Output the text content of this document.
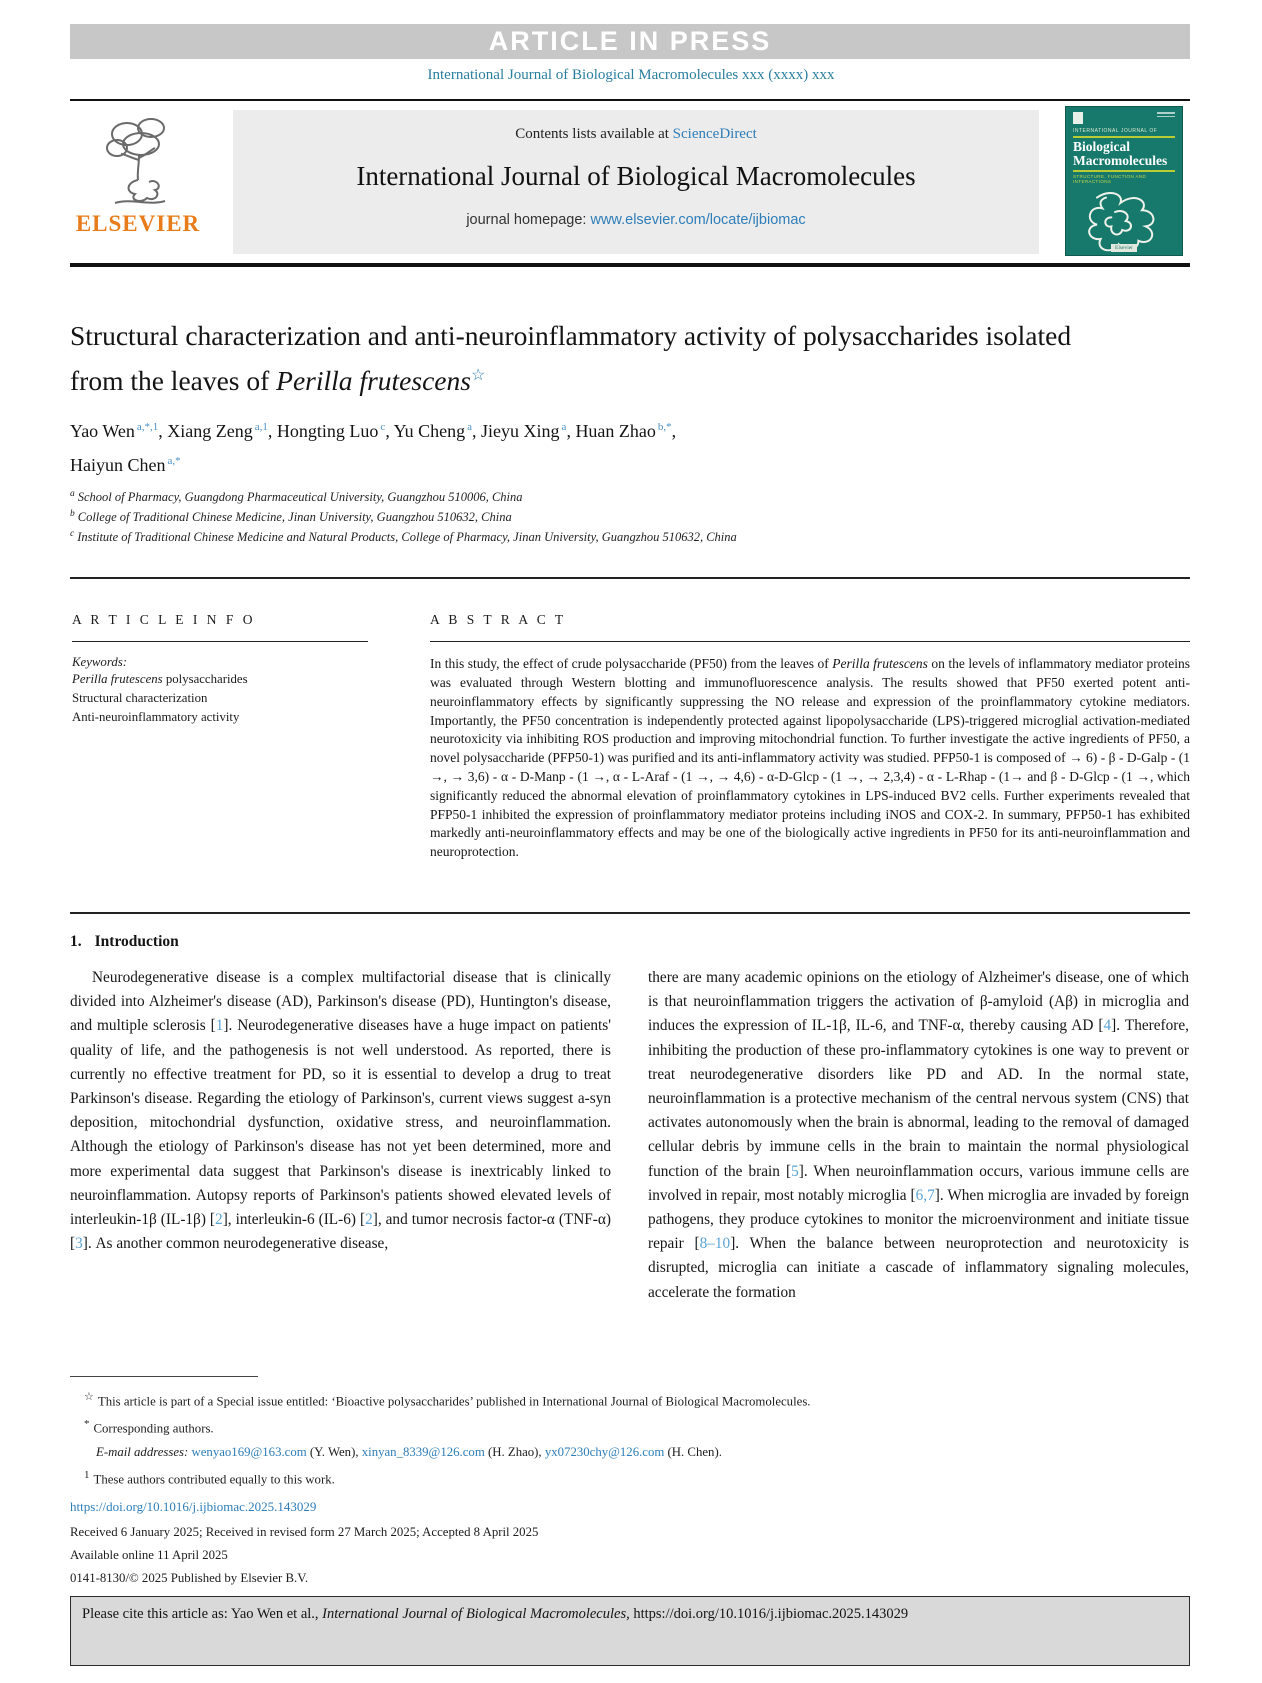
ARTICLE IN PRESS
International Journal of Biological Macromolecules xxx (xxxx) xxx
ELSEVIER
Contents lists available at ScienceDirect
International Journal of Biological Macromolecules
journal homepage: www.elsevier.com/locate/ijbiomac
INTERNATIONAL JOURNAL OF
Biological
Macromolecules
STRUCTURE, FUNCTION AND INTERACTIONS
Elsevier
Structural characterization and anti-neuroinflammatory activity of polysaccharides isolated from the leaves of Perilla frutescens☆
Yao Wen $^{a,*,1}$, Xiang Zeng $^{a,1}$, Hongting Luo $^c$, Yu Cheng $^a$, Jieyu Xing $^a$, Huan Zhao $^{b,*}$,
Haiyun Chen $^{a,*}$
$^a$ School of Pharmacy, Guangdong Pharmaceutical University, Guangzhou 510006, China
$^b$ College of Traditional Chinese Medicine, Jinan University, Guangzhou 510632, China
$^c$ Institute of Traditional Chinese Medicine and Natural Products, College of Pharmacy, Jinan University, Guangzhou 510632, China
A R T I C L E I N F O
Keywords:
Perilla frutescens polysaccharides
Structural characterization
Anti-neuroinflammatory activity
A B S T R A C T

In this study, the effect of crude polysaccharide (PF50) from the leaves of Perilla frutescens on the levels of inflammatory mediator proteins was evaluated through Western blotting and immunofluorescence analysis. The results showed that PF50 exerted potent anti-neuroinflammatory effects by significantly suppressing the NO release and expression of the proinflammatory cytokine mediators. Importantly, the PF50 concentration is independently protected against lipopolysaccharide (LPS)-triggered microglial activation-mediated neurotoxicity via inhibiting ROS production and improving mitochondrial function. To further investigate the active ingredients of PF50, a novel polysaccharide (PFP50-1) was purified and its anti-inflammatory activity was studied. PFP50-1 is composed of → 6) - β - D-Galp - (1 →, → 3,6) - α - D-Manp - (1 →, α - L-Araf - (1 →, → 4,6) - α-D-Glcp - (1 →, → 2,3,4) - α - L-Rhap - (1→ and β - D-Glcp - (1 →, which significantly reduced the abnormal elevation of proinflammatory cytokines in LPS-induced BV2 cells. Further experiments revealed that PFP50-1 inhibited the expression of proinflammatory mediator proteins including iNOS and COX-2. In summary, PFP50-1 has exhibited markedly anti-neuroinflammatory effects and may be one of the biologically active ingredients in PF50 for its anti-neuroinflammation and neuroprotection.

1. Introduction

Neurodegenerative disease is a complex multifactorial disease that is clinically divided into Alzheimer's disease (AD), Parkinson's disease (PD), Huntington's disease, and multiple sclerosis [1]. Neurodegenerative diseases have a huge impact on patients' quality of life, and the pathogenesis is not well understood. As reported, there is currently no effective treatment for PD, so it is essential to develop a drug to treat Parkinson's disease. Regarding the etiology of Parkinson's, current views suggest a-syn deposition, mitochondrial dysfunction, oxidative stress, and neuroinflammation. Although the etiology of Parkinson's disease has not yet been determined, more and more experimental data suggest that Parkinson's disease is inextricably linked to neuroinflammation. Autopsy reports of Parkinson's patients showed elevated levels of interleukin-1β (IL-1β) [2], interleukin-6 (IL-6) [2], and tumor necrosis factor-α (TNF-α) [3]. As another common neurodegenerative disease,

there are many academic opinions on the etiology of Alzheimer's disease, one of which is that neuroinflammation triggers the activation of β-amyloid (Aβ) in microglia and induces the expression of IL-1β, IL-6, and TNF-α, thereby causing AD [4]. Therefore, inhibiting the production of these pro-inflammatory cytokines is one way to prevent or treat neurodegenerative disorders like PD and AD. In the normal state, neuroinflammation is a protective mechanism of the central nervous system (CNS) that activates autonomously when the brain is abnormal, leading to the removal of damaged cellular debris by immune cells in the brain to maintain the normal physiological function of the brain [5]. When neuroinflammation occurs, various immune cells are involved in repair, most notably microglia [6,7]. When microglia are invaded by foreign pathogens, they produce cytokines to monitor the microenvironment and initiate tissue repair [8–10]. When the balance between neuroprotection and neurotoxicity is disrupted, microglia can initiate a cascade of inflammatory signaling molecules, accelerate the formation

☆ This article is part of a Special issue entitled: ‘Bioactive polysaccharides’ published in International Journal of Biological Macromolecules.
* Corresponding authors.
E-mail addresses: wenyao169@163.com (Y. Wen), xinyan_8339@126.com (H. Zhao), yx07230chy@126.com (H. Chen).
1 These authors contributed equally to this work.
https://doi.org/10.1016/j.ijbiomac.2025.143029
Received 6 January 2025; Received in revised form 27 March 2025; Accepted 8 April 2025
Available online 11 April 2025
0141-8130/© 2025 Published by Elsevier B.V.
Please cite this article as: Yao Wen et al., International Journal of Biological Macromolecules, https://doi.org/10.1016/j.ijbiomac.2025.143029
